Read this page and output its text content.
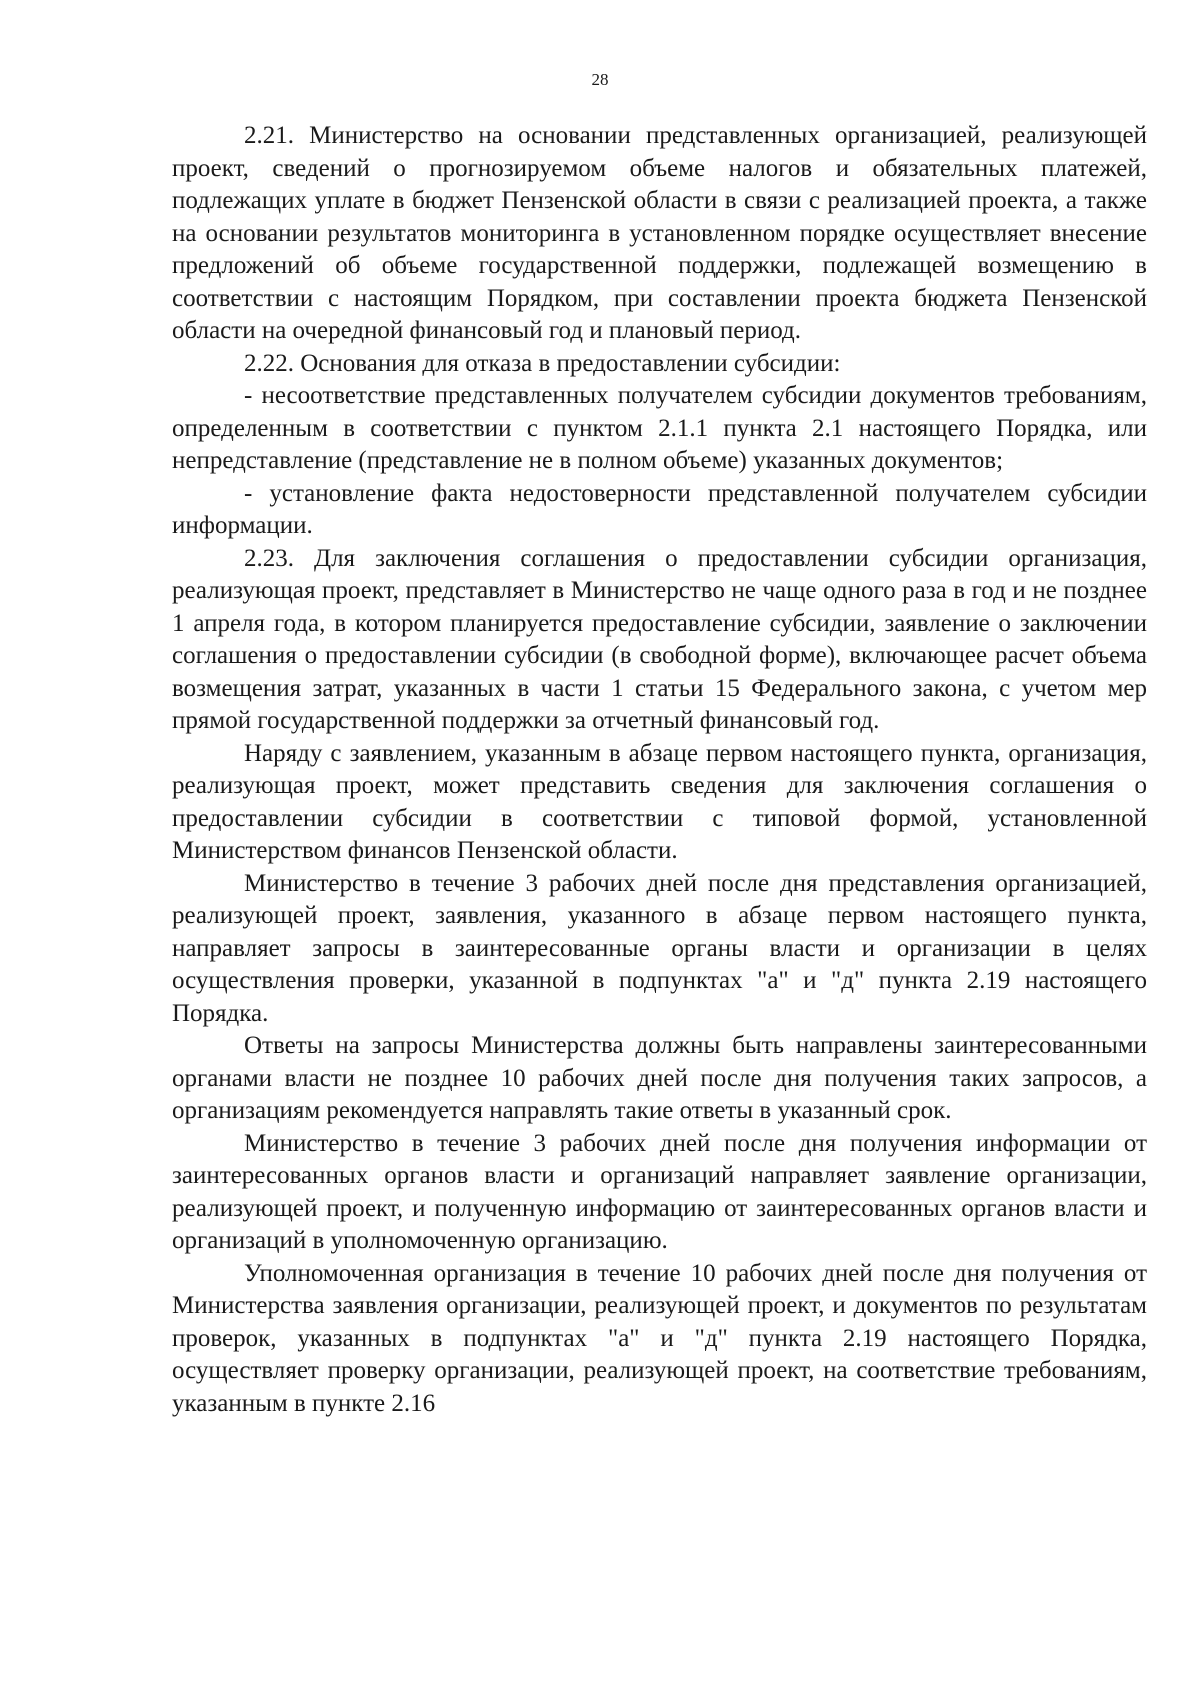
28

2.21. Министерство на основании представленных организацией, реализующей проект, сведений о прогнозируемом объеме налогов и обязательных платежей, подлежащих уплате в бюджет Пензенской области в связи с реализацией проекта, а также на основании результатов мониторинга в установленном порядке осуществляет внесение предложений об объеме государственной поддержки, подлежащей возмещению в соответствии с настоящим Порядком, при составлении проекта бюджета Пензенской области на очередной финансовый год и плановый период.

2.22. Основания для отказа в предоставлении субсидии:

- несоответствие представленных получателем субсидии документов требованиям, определенным в соответствии с пунктом 2.1.1 пункта 2.1 настоящего Порядка, или непредставление (представление не в полном объеме) указанных документов;

- установление факта недостоверности представленной получателем субсидии информации.

2.23. Для заключения соглашения о предоставлении субсидии организация, реализующая проект, представляет в Министерство не чаще одного раза в год и не позднее 1 апреля года, в котором планируется предоставление субсидии, заявление о заключении соглашения о предоставлении субсидии (в свободной форме), включающее расчет объема возмещения затрат, указанных в части 1 статьи 15 Федерального закона, с учетом мер прямой государственной поддержки за отчетный финансовый год.

Наряду с заявлением, указанным в абзаце первом настоящего пункта, организация, реализующая проект, может представить сведения для заключения соглашения о предоставлении субсидии в соответствии с типовой формой, установленной Министерством финансов Пензенской области.

Министерство в течение 3 рабочих дней после дня представления организацией, реализующей проект, заявления, указанного в абзаце первом настоящего пункта, направляет запросы в заинтересованные органы власти и организации в целях осуществления проверки, указанной в подпунктах "а" и "д" пункта 2.19 настоящего Порядка.

Ответы на запросы Министерства должны быть направлены заинтересованными органами власти не позднее 10 рабочих дней после дня получения таких запросов, а организациям рекомендуется направлять такие ответы в указанный срок.

Министерство в течение 3 рабочих дней после дня получения информации от заинтересованных органов власти и организаций направляет заявление организации, реализующей проект, и полученную информацию от заинтересованных органов власти и организаций в уполномоченную организацию.

Уполномоченная организация в течение 10 рабочих дней после дня получения от Министерства заявления организации, реализующей проект, и документов по результатам проверок, указанных в подпунктах "а" и "д" пункта 2.19 настоящего Порядка, осуществляет проверку организации, реализующей проект, на соответствие требованиям, указанным в пункте 2.16
